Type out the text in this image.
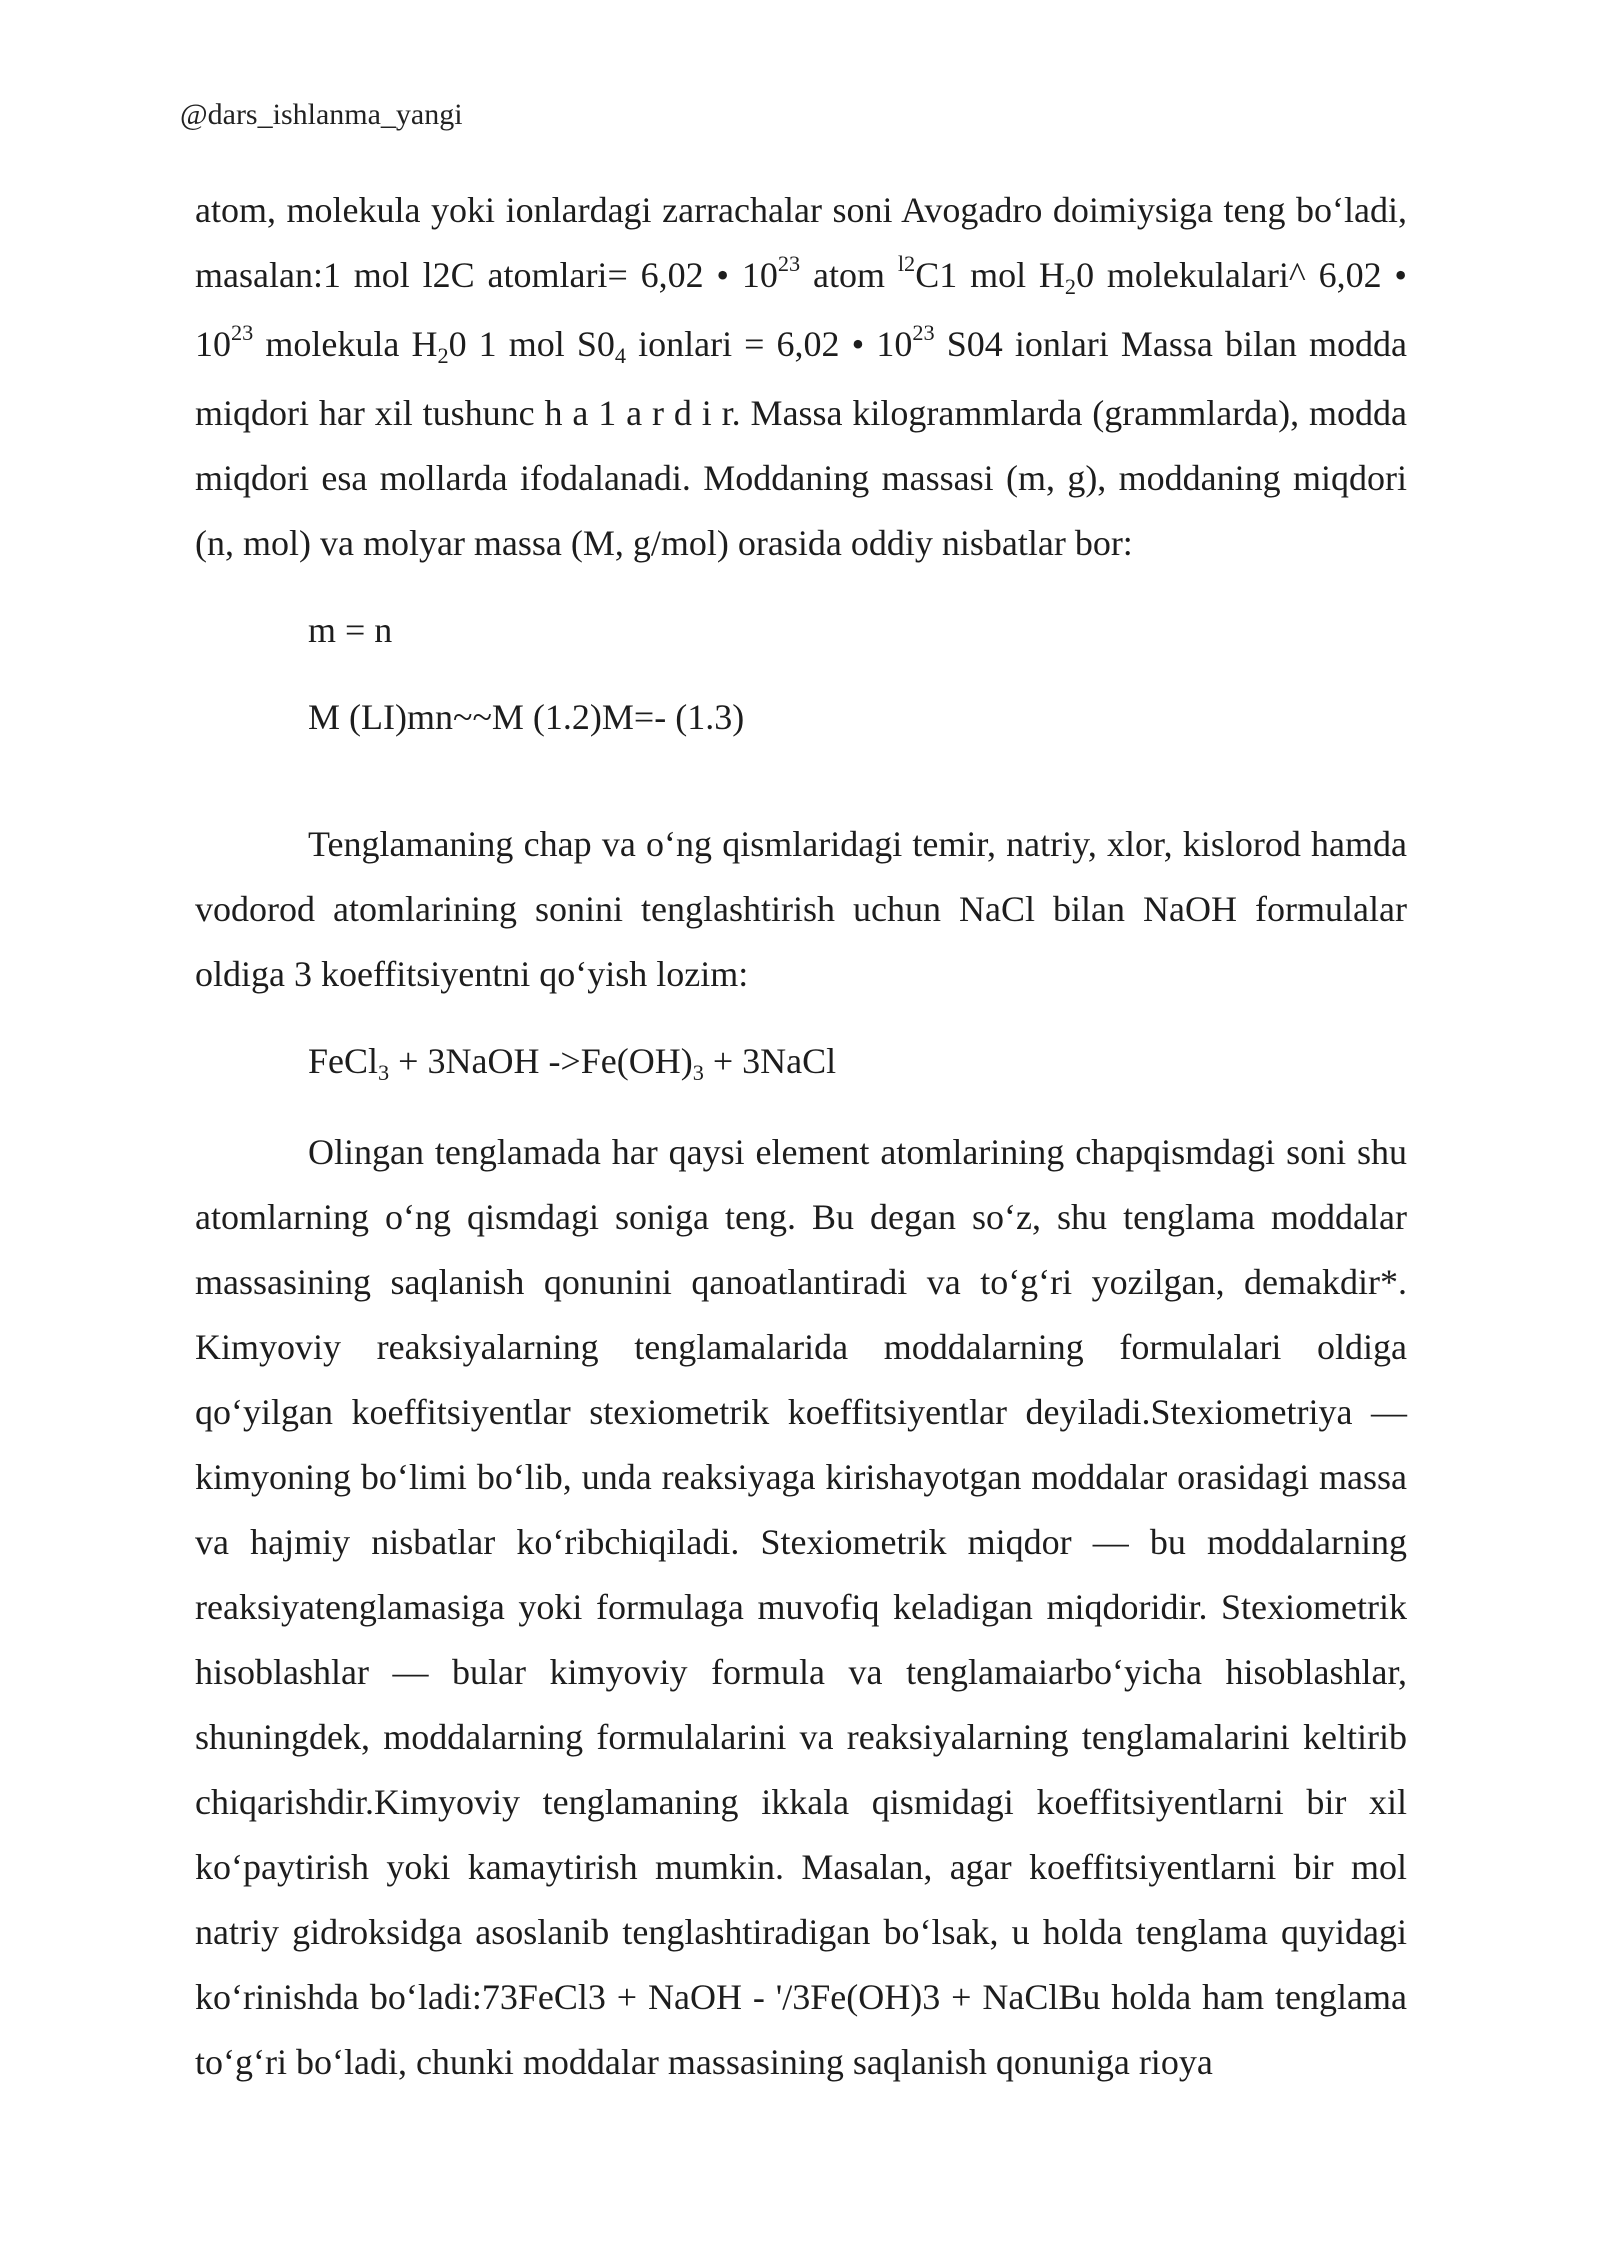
@dars_ishlanma_yangi

atom, molekula yoki ionlardagi zarrachalar soni Avogadro doimiysiga teng bo‘ladi, masalan:1 mol l2C atomlari= 6,02 • $10^{23}$ atom $^{l2}$C1 mol $H_20$ molekulalari^ 6,02 • $10^{23}$ molekula $H_20$ 1 mol $S0_4$ ionlari = 6,02 • $10^{23}$ S04 ionlari Massa bilan modda miqdori har xil tushunc h a 1 a r d i r. Massa kilogrammlarda (grammlarda), modda miqdori esa mollarda ifodalanadi. Moddaning massasi (m, g), moddaning miqdori (n, mol) va molyar massa (M, g/mol) orasida oddiy nisbatlar bor:

m = n

M (LI)mn~~M (1.2)M=- (1.3)

Tenglamaning chap va o‘ng qismlaridagi temir, natriy, xlor, kislorod hamda vodorod atomlarining sonini tenglashtirish uchun NaCl bilan NaOH formulalar oldiga 3 koeffitsiyentni qo‘yish lozim:

FeCl$_3$ + 3NaOH $->Fe(OH)_3$ + 3NaCl

Olingan tenglamada har qaysi element atomlarining chapqismdagi soni shu atomlarning o‘ng qismdagi soniga teng. Bu degan so‘z, shu tenglama moddalar massasining saqlanish qonunini qanoatlantiradi va to‘g‘ri yozilgan, demakdir*. Kimyoviy reaksiyalarning tenglamalarida moddalarning formulalari oldiga qo‘yilgan koeffitsiyentlar stexiometrik koeffitsiyentlar deyiladi.Stexiometriya — kimyoning bo‘limi bo‘lib, unda reaksiyaga kirishayotgan moddalar orasidagi massa va hajmiy nisbatlar ko‘ribchiqiladi. Stexiometrik miqdor — bu moddalarning reaksiyatenglamasiga yoki formulaga muvofiq keladigan miqdoridir. Stexiometrik hisoblashlar — bular kimyoviy formula va tenglamaiarbo‘yicha hisoblashlar, shuningdek, moddalarning formulalarini va reaksiyalarning tenglamalarini keltirib chiqarishdir.Kimyoviy tenglamaning ikkala qismidagi koeffitsiyentlarni bir xil ko‘paytirish yoki kamaytirish mumkin. Masalan, agar koeffitsiyentlarni bir mol natriy gidroksidga asoslanib tenglashtiradigan bo‘lsak, u holda tenglama quyidagi ko‘rinishda bo‘ladi:73FeCl3 + NaOH - '/3Fe(OH)3 + NaClBu holda ham tenglama to‘g‘ri bo‘ladi, chunki moddalar massasining saqlanish qonuniga rioya
